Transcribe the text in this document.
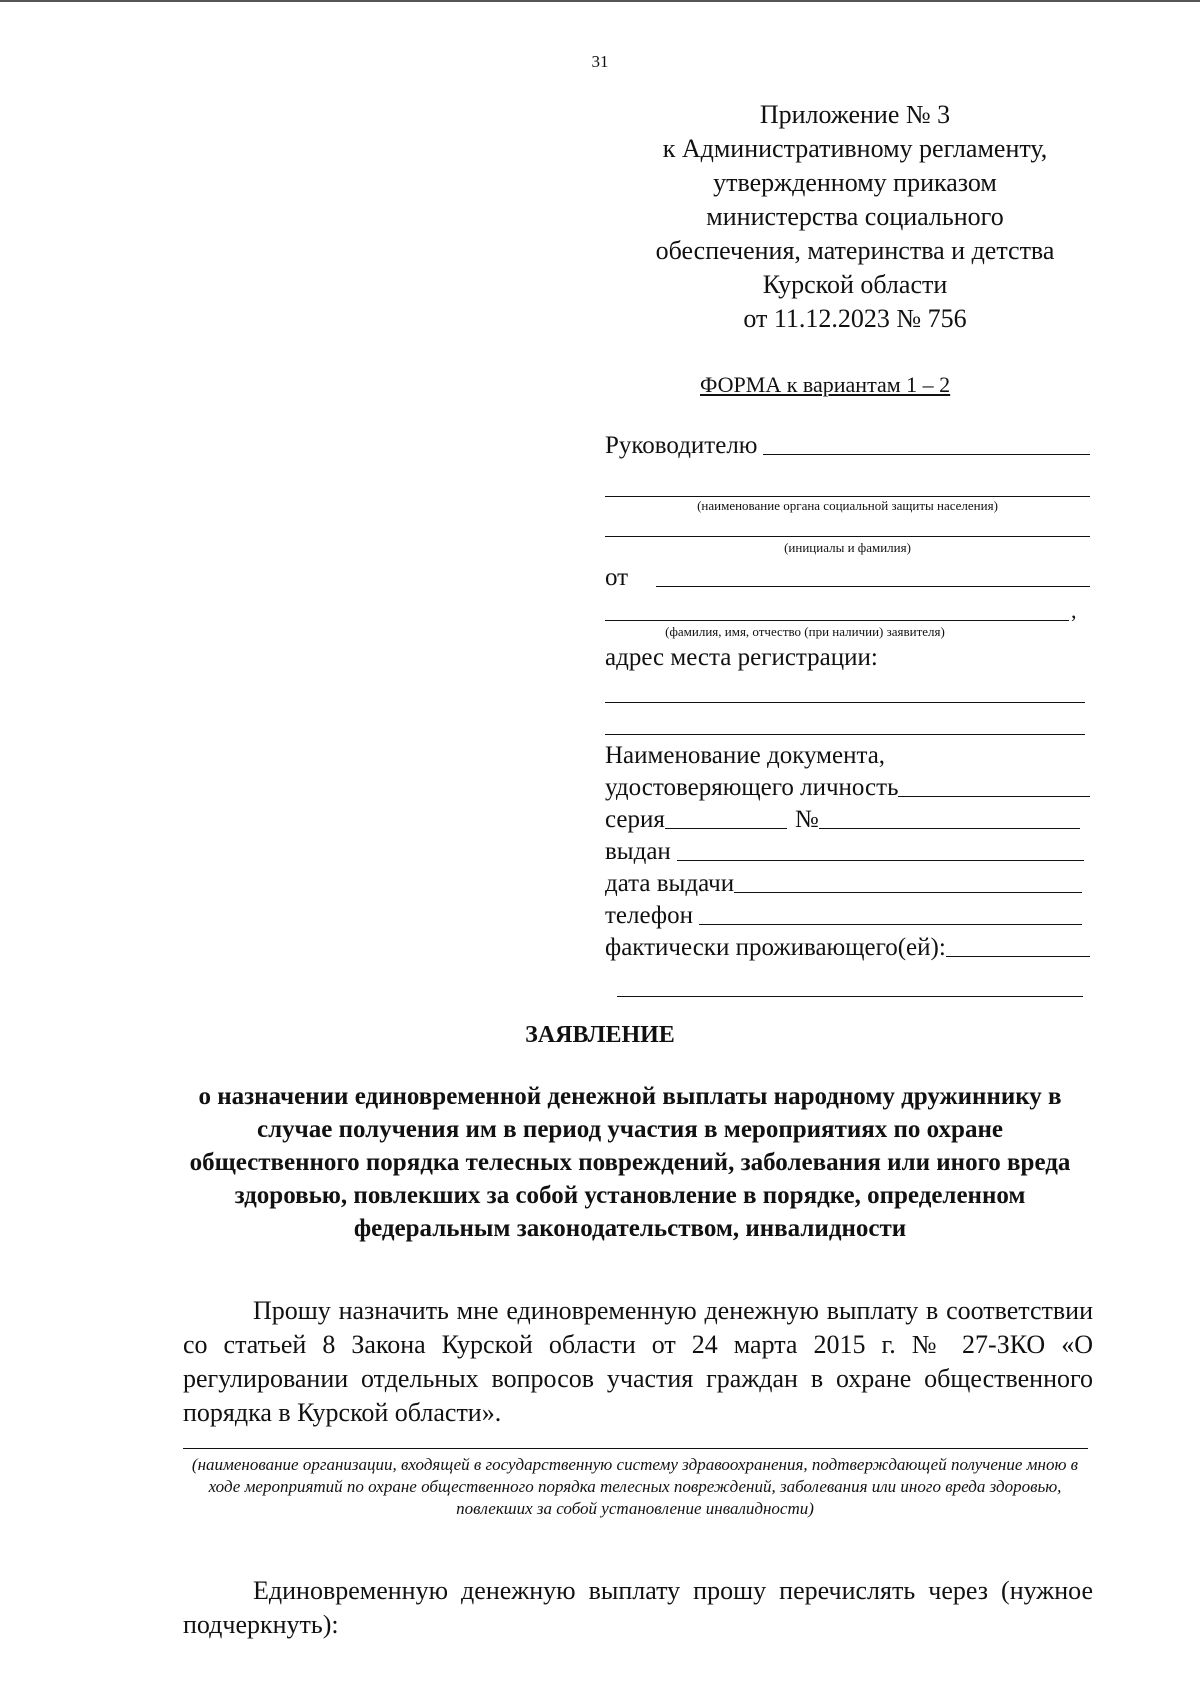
31
Приложение № 3
к Административному регламенту,
утвержденному приказом
министерства социального
обеспечения, материнства и детства
Курской области
от 11.12.2023 № 756
ФОРМА к вариантам 1 – 2
Руководителю
(наименование органа социальной защиты населения)
(инициалы и фамилия)
от
,
(фамилия, имя, отчество (при наличии) заявителя)
адрес места регистрации:
Наименование документа,
удостоверяющего личность
серия	№
выдан
дата выдачи
телефон
фактически проживающего(ей):
ЗАЯВЛЕНИЕ
о назначении единовременной денежной выплаты народному дружиннику в случае получения им в период участия в мероприятиях по охране общественного порядка телесных повреждений, заболевания или иного вреда здоровью, повлекших за собой установление в порядке, определенном федеральным законодательством, инвалидности
Прошу назначить мне единовременную денежную выплату в соответствии со статьей 8 Закона Курской области от 24 марта 2015 г. № 27-ЗКО «О регулировании отдельных вопросов участия граждан в охране общественного порядка в Курской области».
(наименование организации, входящей в государственную систему здравоохранения, подтверждающей получение мною в ходе мероприятий по охране общественного порядка телесных повреждений, заболевания или иного вреда здоровью, повлекших за собой установление инвалидности)
Единовременную денежную выплату прошу перечислять через (нужное подчеркнуть):
